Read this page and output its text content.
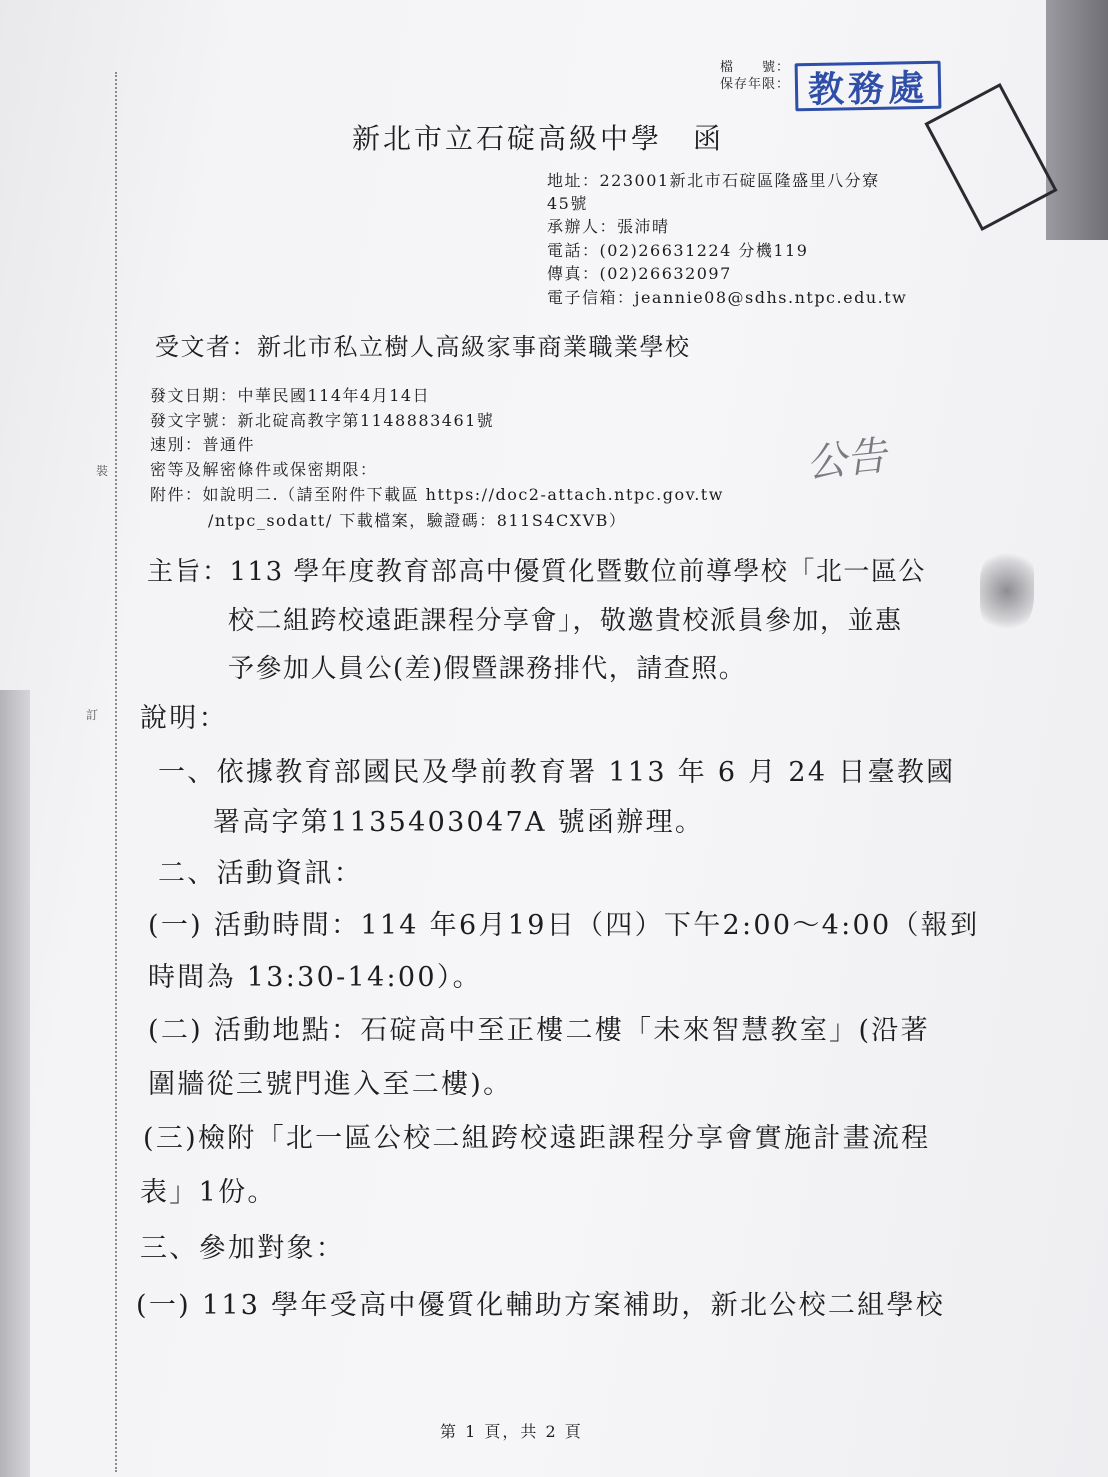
裝
訂
檔　　號：
保存年限： 教務處
新北市立石碇高級中學　函
地址：223001新北市石碇區隆盛里八分寮
45號
承辦人：張沛晴
電話：(02)26631224 分機119
傳真：(02)26632097
電子信箱：jeannie08@sdhs.ntpc.edu.tw
受文者：新北市私立樹人高級家事商業職業學校
發文日期：中華民國114年4月14日
發文字號：新北碇高教字第1148883461號
速別：普通件
密等及解密條件或保密期限：
附件：如說明二.（請至附件下載區 https://doc2-attach.ntpc.gov.tw
/ntpc_sodatt/ 下載檔案，驗證碼：811S4CXVB）
公告
主旨：113 學年度教育部高中優質化暨數位前導學校「北一區公
校二組跨校遠距課程分享會」，敬邀貴校派員參加，並惠
予參加人員公(差)假暨課務排代，請查照。
說明：
一、依據教育部國民及學前教育署 113 年 6 月 24 日臺教國
署高字第1135403047A 號函辦理。
二、活動資訊：
(一) 活動時間：114 年6月19日（四）下午2:00～4:00（報到
時間為 13:30-14:00）。
(二) 活動地點：石碇高中至正樓二樓「未來智慧教室」(沿著
圍牆從三號門進入至二樓)。
(三)檢附「北一區公校二組跨校遠距課程分享會實施計畫流程
表」1份。
三、參加對象：
(一) 113 學年受高中優質化輔助方案補助，新北公校二組學校
第 1 頁，共 2 頁
